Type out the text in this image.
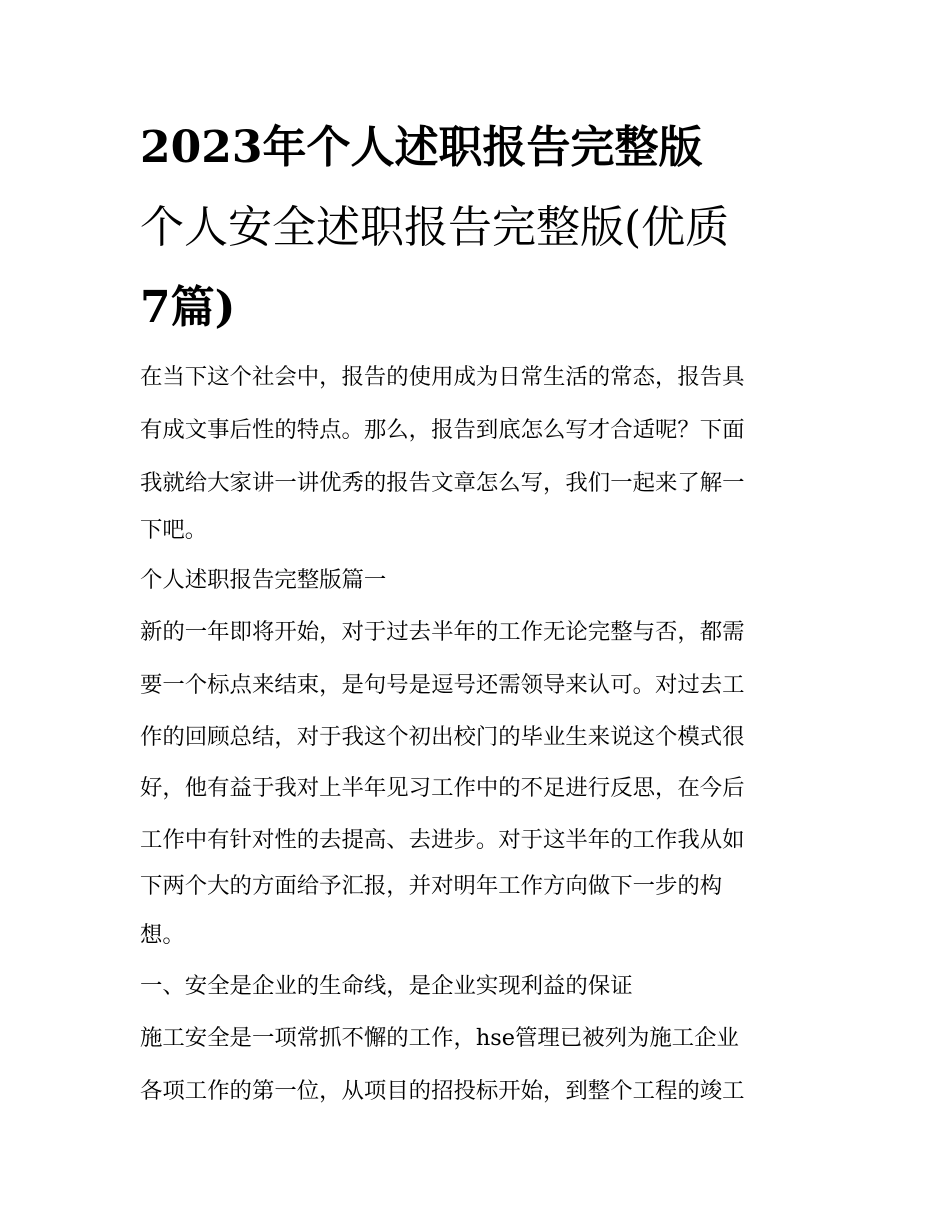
2023年个人述职报告完整版
个人安全述职报告完整版(优质
7篇)
在当下这个社会中，报告的使用成为日常生活的常态，报告具
有成文事后性的特点。那么，报告到底怎么写才合适呢？下面
我就给大家讲一讲优秀的报告文章怎么写，我们一起来了解一
下吧。
个人述职报告完整版篇一
新的一年即将开始，对于过去半年的工作无论完整与否，都需
要一个标点来结束，是句号是逗号还需领导来认可。对过去工
作的回顾总结，对于我这个初出校门的毕业生来说这个模式很
好，他有益于我对上半年见习工作中的不足进行反思，在今后
工作中有针对性的去提高、去进步。对于这半年的工作我从如
下两个大的方面给予汇报，并对明年工作方向做下一步的构
想。
一、安全是企业的生命线，是企业实现利益的保证
施工安全是一项常抓不懈的工作，hse管理已被列为施工企业
各项工作的第一位，从项目的招投标开始，到整个工程的竣工
